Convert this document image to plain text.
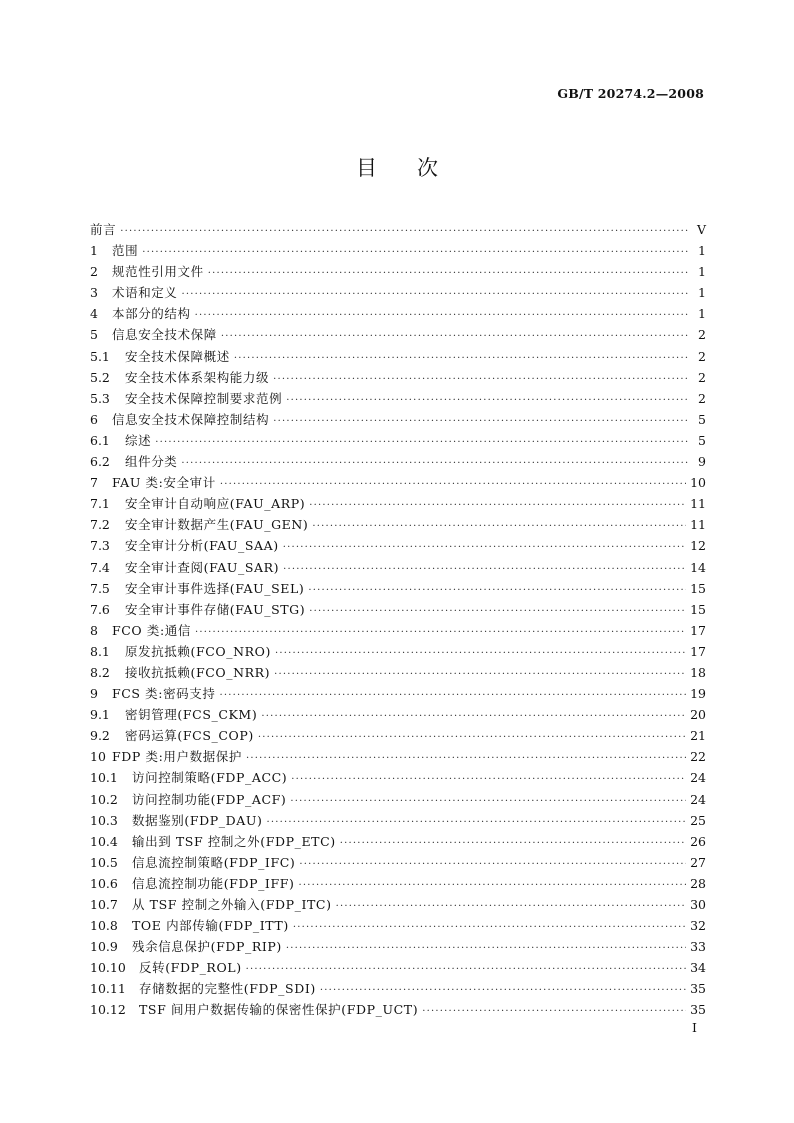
GB/T 20274.2—2008
目次
前言 ·····	V
1	范围 ·····	1
2	规范性引用文件 ·····	1
3	术语和定义 ·····	1
4	本部分的结构 ·····	1
5	信息安全技术保障 ·····	2
5.1	安全技术保障概述 ·····	2
5.2	安全技术体系架构能力级 ·····	2
5.3	安全技术保障控制要求范例 ·····	2
6	信息安全技术保障控制结构 ·····	5
6.1	综述 ·····	5
6.2	组件分类 ·····	9
7	FAU 类:安全审计 ·····	10
7.1	安全审计自动响应(FAU_ARP) ·····	11
7.2	安全审计数据产生(FAU_GEN) ·····	11
7.3	安全审计分析(FAU_SAA) ·····	12
7.4	安全审计查阅(FAU_SAR) ·····	14
7.5	安全审计事件选择(FAU_SEL) ·····	15
7.6	安全审计事件存储(FAU_STG) ·····	15
8	FCO 类:通信 ·····	17
8.1	原发抗抵赖(FCO_NRO) ·····	17
8.2	接收抗抵赖(FCO_NRR) ·····	18
9	FCS 类:密码支持 ·····	19
9.1	密钥管理(FCS_CKM) ·····	20
9.2	密码运算(FCS_COP) ·····	21
10 FDP 类:用户数据保护 ·····	22
10.1	访问控制策略(FDP_ACC) ·····	24
10.2	访问控制功能(FDP_ACF) ·····	24
10.3	数据鉴别(FDP_DAU) ·····	25
10.4	输出到 TSF 控制之外(FDP_ETC) ·····	26
10.5	信息流控制策略(FDP_IFC) ·····	27
10.6	信息流控制功能(FDP_IFF) ·····	28
10.7	从 TSF 控制之外输入(FDP_ITC) ·····	30
10.8	TOE 内部传输(FDP_ITT) ·····	32
10.9	残余信息保护(FDP_RIP) ·····	33
10.10	反转(FDP_ROL) ·····	34
10.11	存储数据的完整性(FDP_SDI) ·····	35
10.12	TSF 间用户数据传输的保密性保护(FDP_UCT) ·····	35
I
